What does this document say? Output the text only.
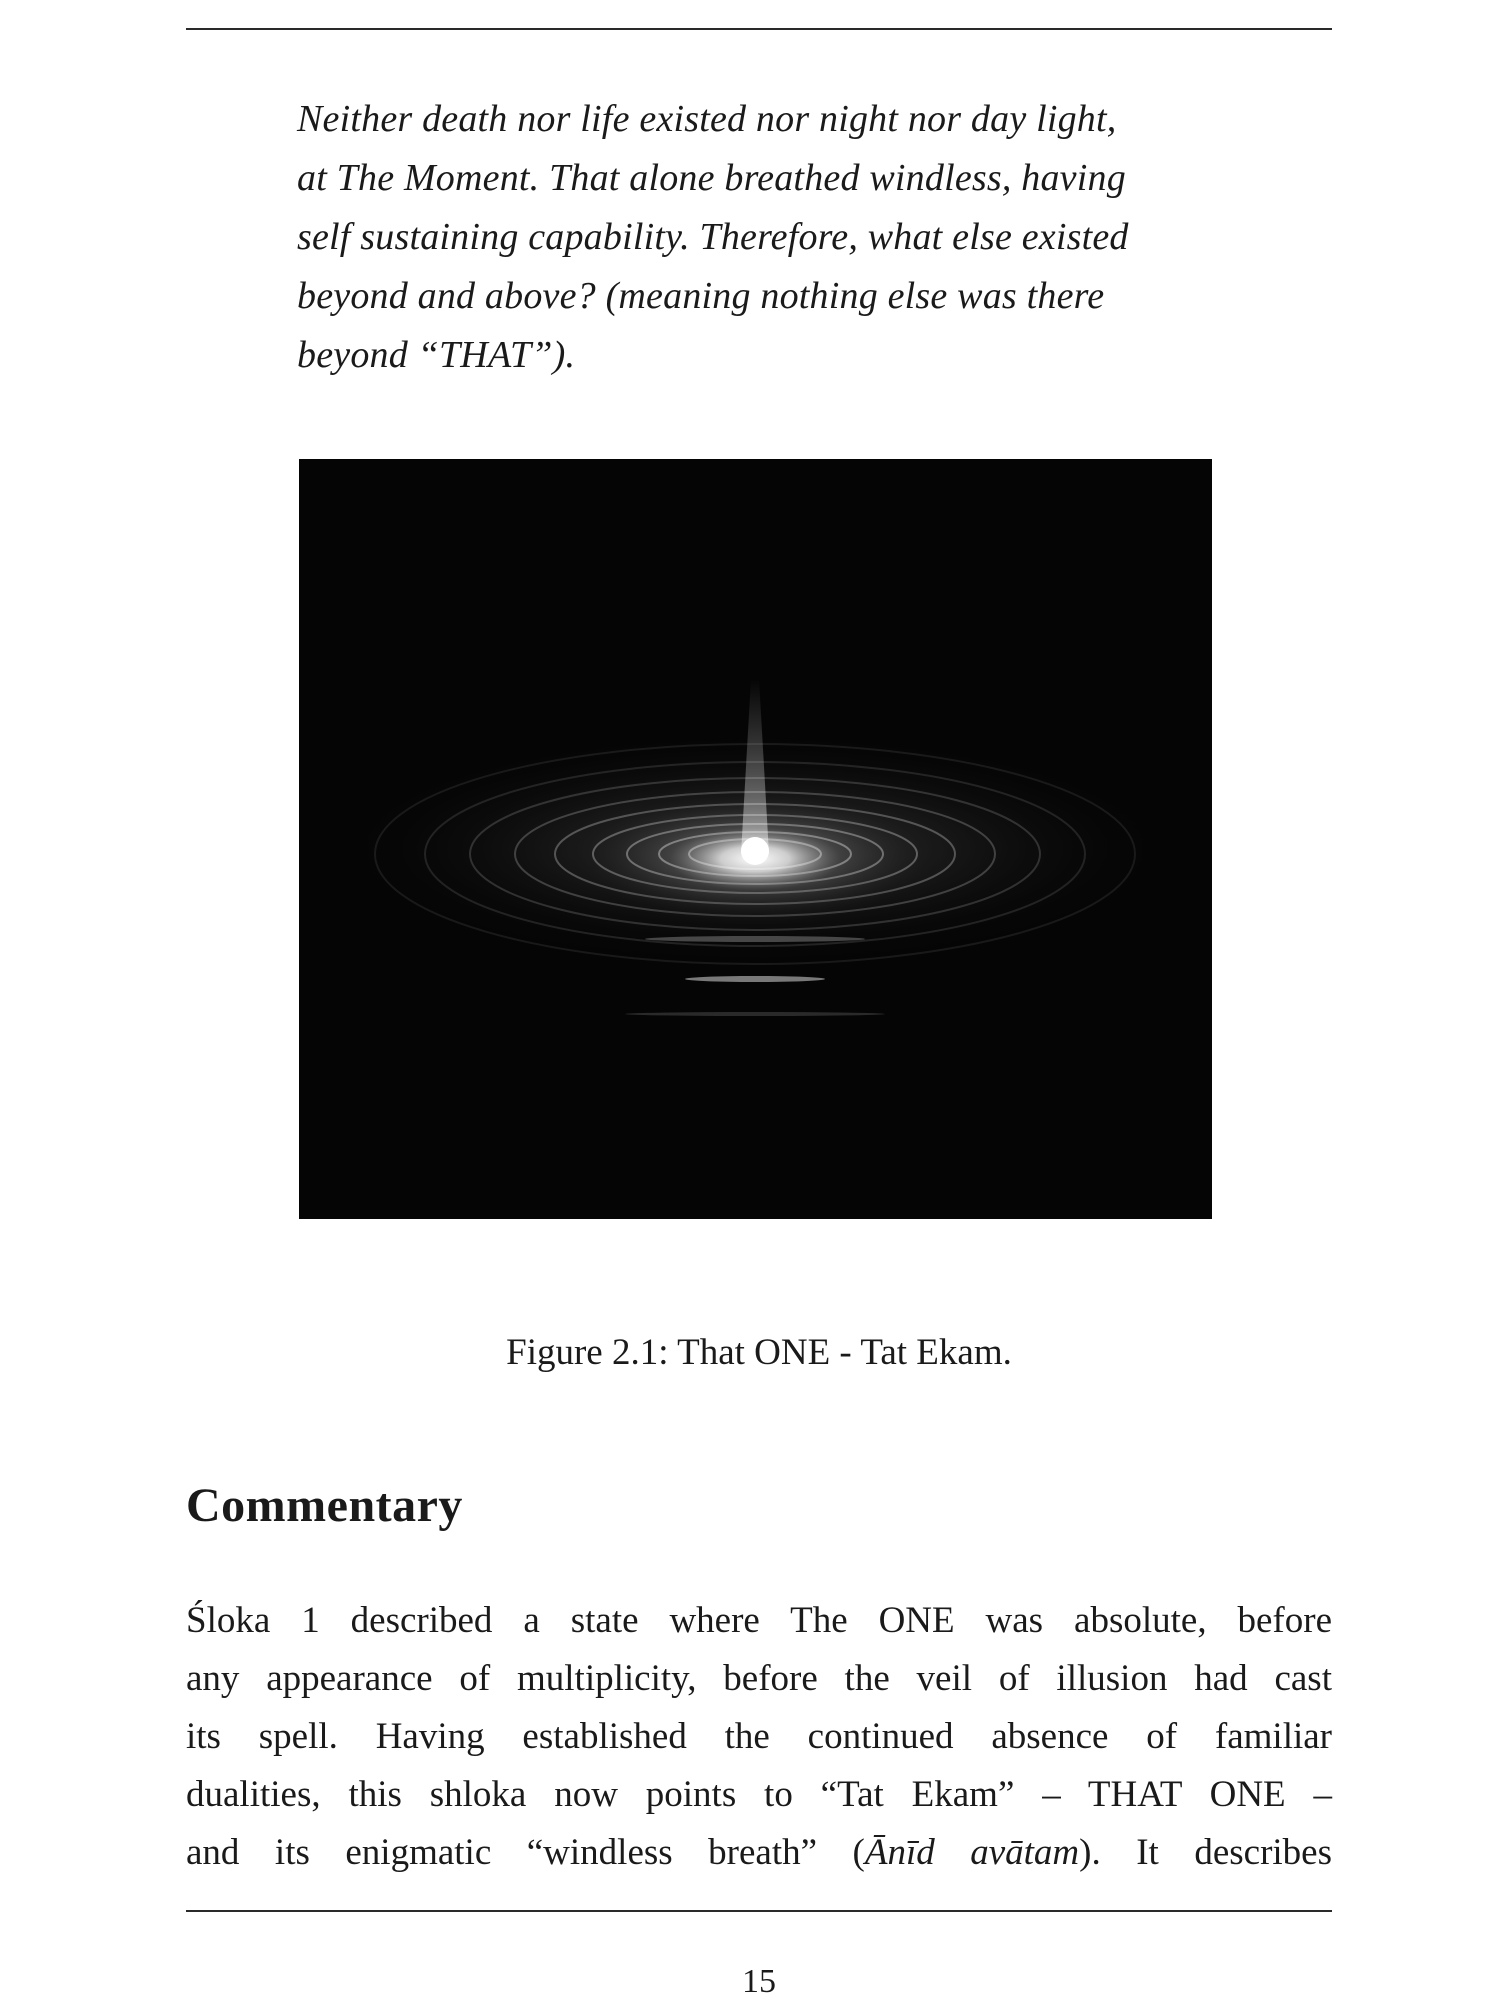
Neither death nor life existed nor night nor day light,

at The Moment. That alone breathed windless, having

self sustaining capability. Therefore, what else existed

beyond and above? (meaning nothing else was there

beyond “THAT”).

Figure 2.1: That ONE - Tat Ekam.
Commentary

Śloka 1 described a state where The ONE was absolute, before

any appearance of multiplicity, before the veil of illusion had cast

its spell. Having established the continued absence of familiar

dualities, this shloka now points to “Tat Ekam” – THAT ONE –

and its enigmatic “windless breath” (Ānīd avātam). It describes

15
